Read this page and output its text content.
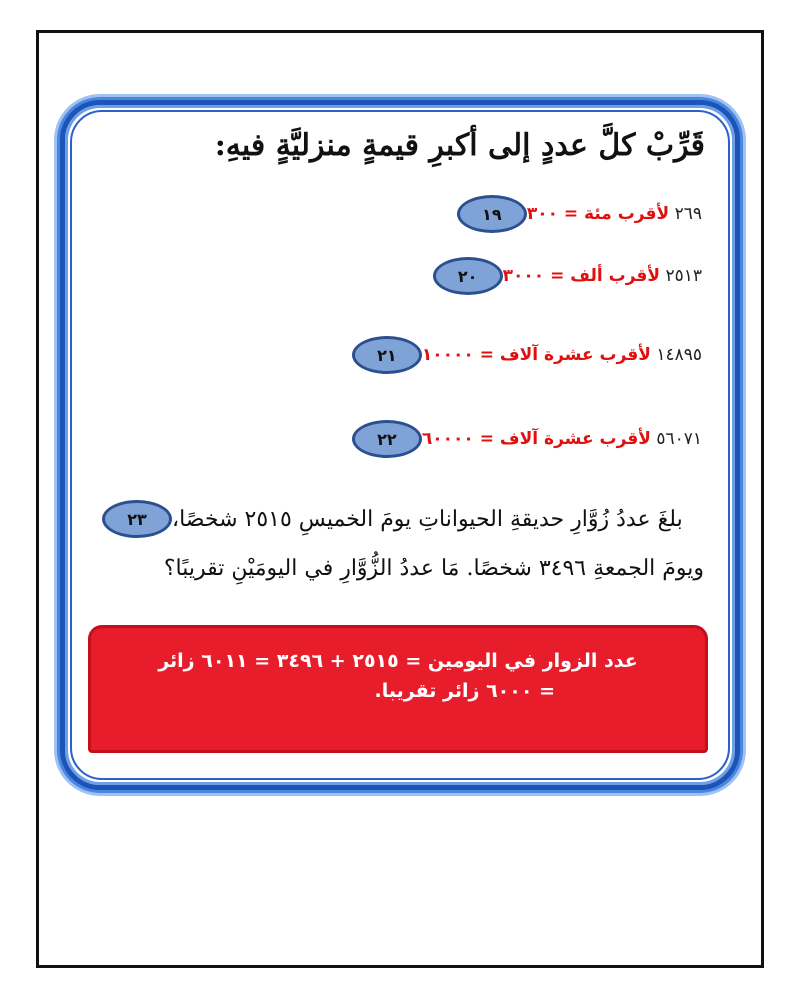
قَرِّبْ كلَّ عددٍ إلى أكبرِ قيمةٍ منزليَّةٍ فيهِ:
١٩	٢٦٩ لأقرب مئة = ٣٠٠
٢٠	٢٥١٣ لأقرب ألف = ٣٠٠٠
٢١	١٤٨٩٥ لأقرب عشرة آلاف = ١٠٠٠٠
٢٢	٥٦٠٧١ لأقرب عشرة آلاف = ٦٠٠٠٠
٢٣	بلغَ عددُ زُوَّارِ حديقةِ الحيواناتِ يومَ الخميسِ ٢٥١٥ شخصًا،
ويومَ الجمعةِ ٣٤٩٦ شخصًا. مَا عددُ الزُّوَّارِ في اليومَيْنِ تقريبًا؟
عدد الزوار في اليومين = ٢٥١٥ + ٣٤٩٦ = ٦٠١١ زائر
= ٦٠٠٠ زائر تقريبا.
